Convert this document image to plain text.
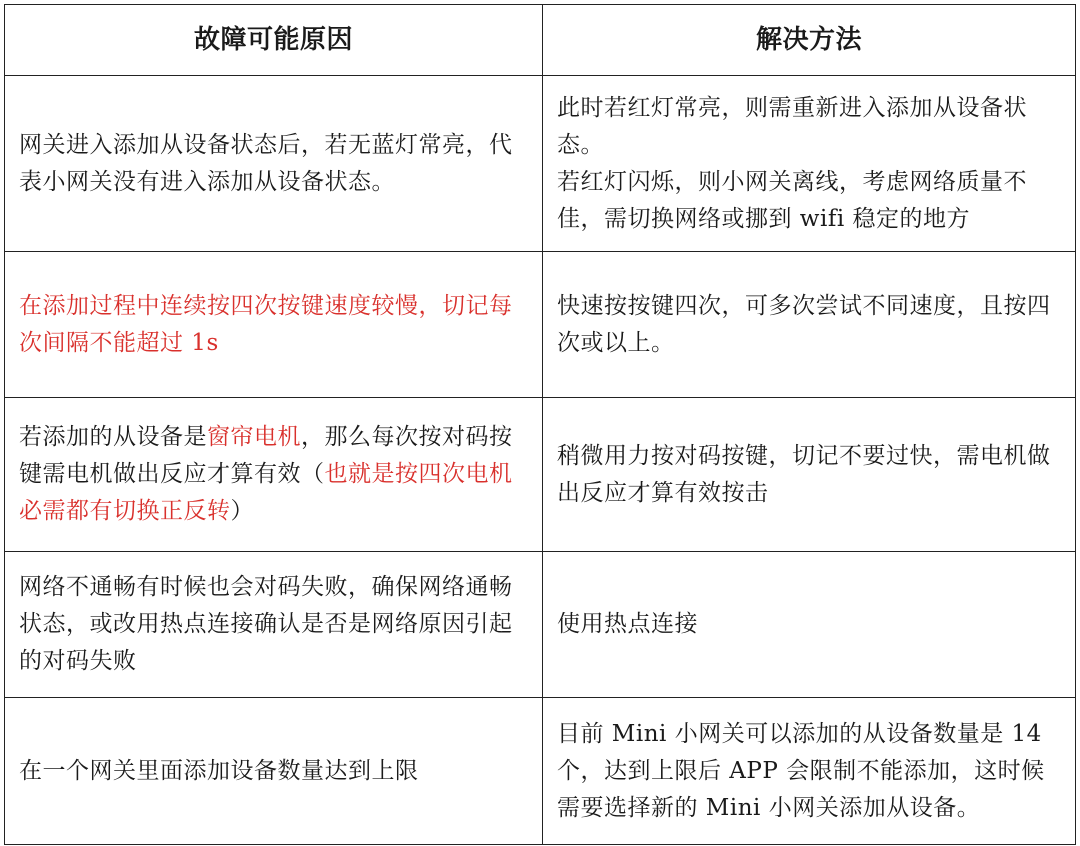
故障可能原因	解决方法
网关进入添加从设备状态后，若无蓝灯常亮，代表小网关没有进入添加从设备状态。	此时若红灯常亮，则需重新进入添加从设备状态。
若红灯闪烁，则小网关离线，考虑网络质量不佳，需切换网络或挪到 wifi 稳定的地方

在添加过程中连续按四次按键速度较慢，切记每次间隔不能超过 1s	快速按按键四次，可多次尝试不同速度，且按四次或以上。

若添加的从设备是窗帘电机，那么每次按对码按键需电机做出反应才算有效（也就是按四次电机必需都有切换正反转）	稍微用力按对码按键，切记不要过快，需电机做出反应才算有效按击

网络不通畅有时候也会对码失败，确保网络通畅状态，或改用热点连接确认是否是网络原因引起的对码失败	使用热点连接

在一个网关里面添加设备数量达到上限	目前 Mini 小网关可以添加的从设备数量是 14 个，达到上限后 APP 会限制不能添加，这时候需要选择新的 Mini 小网关添加从设备。
